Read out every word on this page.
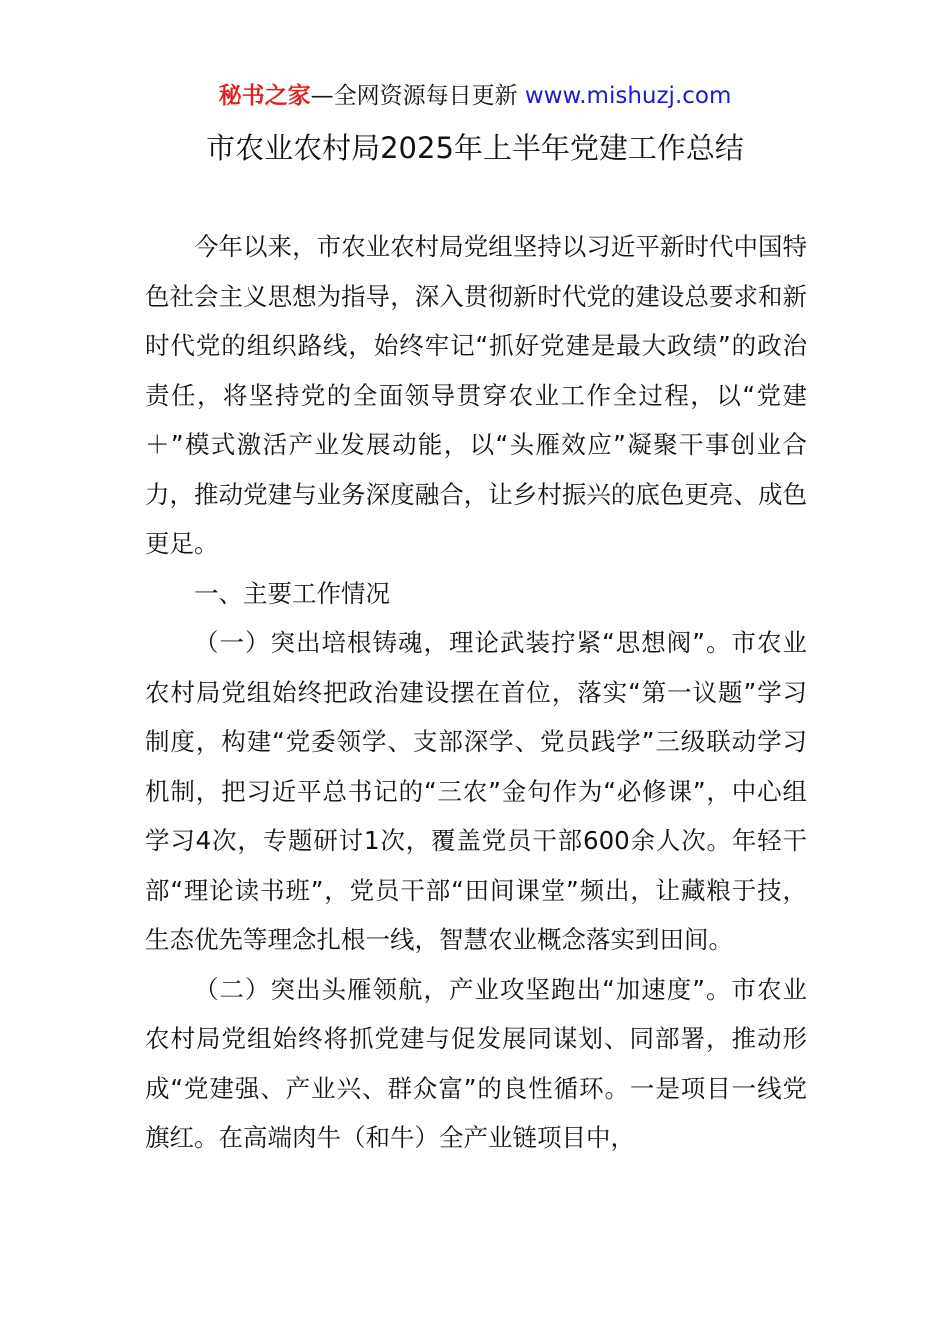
秘书之家—全网资源每日更新 www.mishuzj.com
市农业农村局2025年上半年党建工作总结

今年以来，市农业农村局党组坚持以习近平新时代中国特色社会主义思想为指导，深入贯彻新时代党的建设总要求和新时代党的组织路线，始终牢记“抓好党建是最大政绩”的政治责任，将坚持党的全面领导贯穿农业工作全过程，以“党建＋”模式激活产业发展动能，以“头雁效应”凝聚干事创业合力，推动党建与业务深度融合，让乡村振兴的底色更亮、成色更足。

一、主要工作情况

（一）突出培根铸魂，理论武装拧紧“思想阀”。市农业农村局党组始终把政治建设摆在首位，落实“第一议题”学习制度，构建“党委领学、支部深学、党员践学”三级联动学习机制，把习近平总书记的“三农”金句作为“必修课”，中心组学习4次，专题研讨1次，覆盖党员干部600余人次。年轻干部“理论读书班”，党员干部“田间课堂”频出，让藏粮于技，生态优先等理念扎根一线，智慧农业概念落实到田间。

（二）突出头雁领航，产业攻坚跑出“加速度”。市农业农村局党组始终将抓党建与促发展同谋划、同部署，推动形成“党建强、产业兴、群众富”的良性循环。一是项目一线党旗红。在高端肉牛（和牛）全产业链项目中，
